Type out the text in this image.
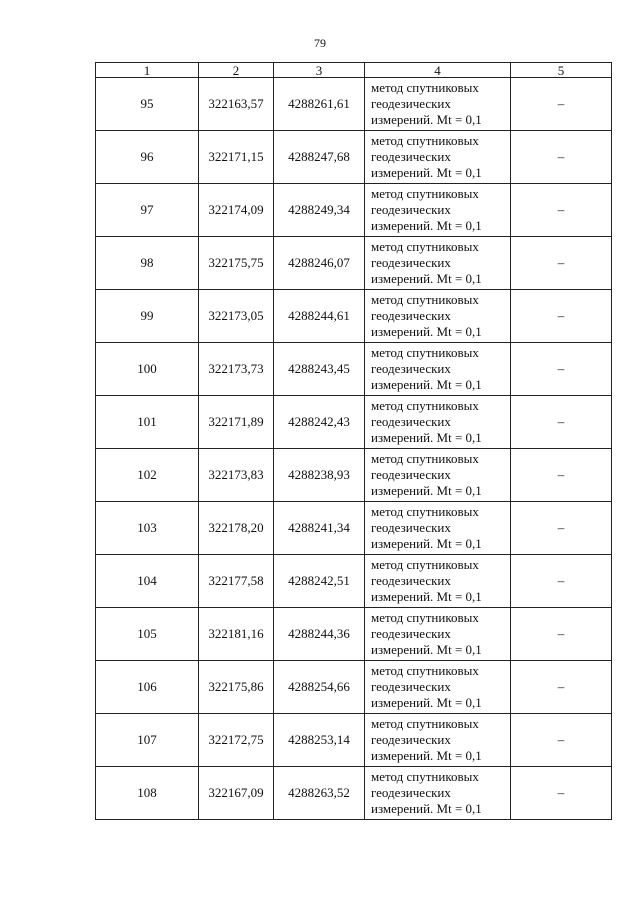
79
1	2	3	4	5
95	322163,57	4288261,61	метод спутниковых геодезических измерений. Mt = 0,1	–
96	322171,15	4288247,68	метод спутниковых геодезических измерений. Mt = 0,1	–
97	322174,09	4288249,34	метод спутниковых геодезических измерений. Mt = 0,1	–
98	322175,75	4288246,07	метод спутниковых геодезических измерений. Mt = 0,1	–
99	322173,05	4288244,61	метод спутниковых геодезических измерений. Mt = 0,1	–
100	322173,73	4288243,45	метод спутниковых геодезических измерений. Mt = 0,1	–
101	322171,89	4288242,43	метод спутниковых геодезических измерений. Mt = 0,1	–
102	322173,83	4288238,93	метод спутниковых геодезических измерений. Mt = 0,1	–
103	322178,20	4288241,34	метод спутниковых геодезических измерений. Mt = 0,1	–
104	322177,58	4288242,51	метод спутниковых геодезических измерений. Mt = 0,1	–
105	322181,16	4288244,36	метод спутниковых геодезических измерений. Mt = 0,1	–
106	322175,86	4288254,66	метод спутниковых геодезических измерений. Mt = 0,1	–
107	322172,75	4288253,14	метод спутниковых геодезических измерений. Mt = 0,1	–
108	322167,09	4288263,52	метод спутниковых геодезических измерений. Mt = 0,1	–
